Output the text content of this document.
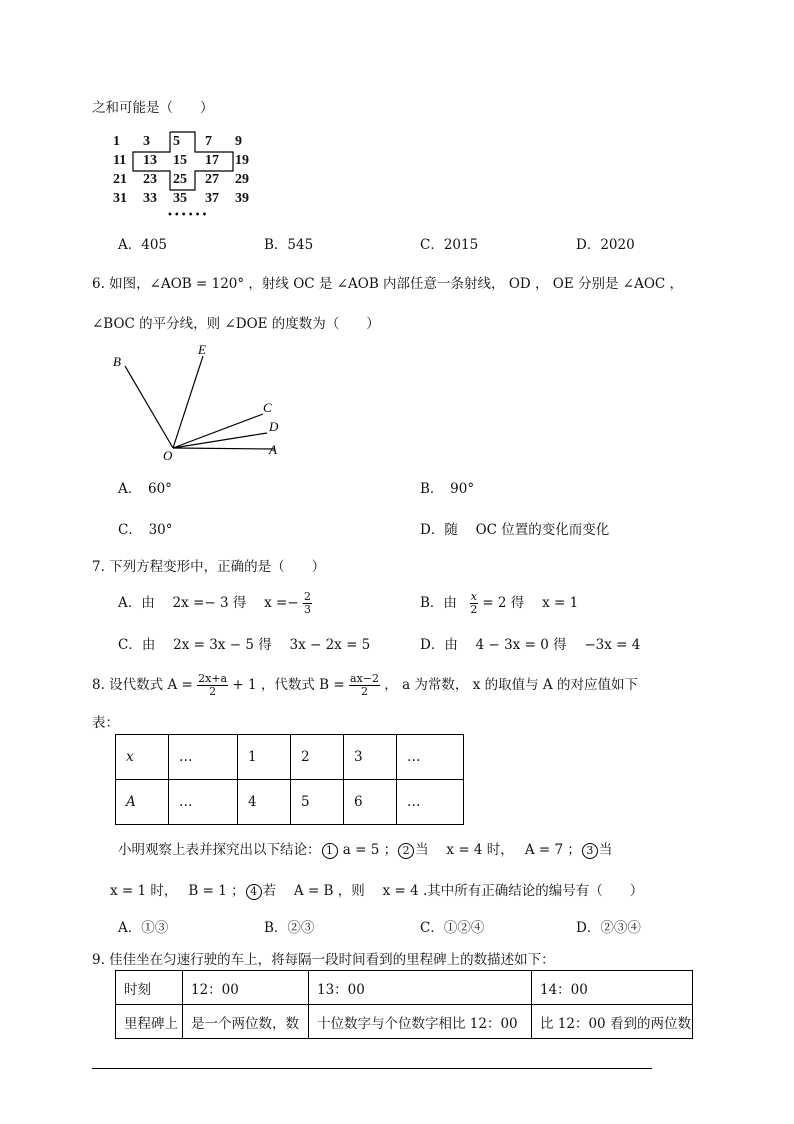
之和可能是（　　）
1 3 5 7 9
11 13 15 17 19
21 23 25 27 29
31 33 35 37 39
••••••
A．405	B．545	C．2015	D．2020
6. 如图，∠AOB = 120° ，射线 OC 是 ∠AOB 内部任意一条射线， OD ， OE 分别是 ∠AOC ，
∠BOC 的平分线，则 ∠DOE 的度数为（　　）
B
E
C
D
A
O
A．　60°	B．　90°
C．　30°	D．随　 OC 位置的变化而变化
7. 下列方程变形中，正确的是（　　）
A．由　 2x =− 3 得　 $x =- \frac{2}{3}$	B．由 $\frac{x}{2} = 2$ 得　 x = 1
C．由　 2x = 3x − 5 得　 3x − 2x = 5	D．由　 4 − 3x = 0 得　 −3x = 4
8. 设代数式 $A = \frac{2x+a}{2} + 1$ ，代数式 $B = \frac{ax-2}{2}$ ， a 为常数， x 的取值与 A 的对应值如下
表：
x	…	1	2	3	…
A	…	4	5	6	…
小明观察上表并探究出以下结论： 1 a = 5 ； 2 当　 x = 4 时，　 A = 7 ； 3 当
x = 1 时，　 B = 1 ； 4 若　 A = B ，则　 x = 4 .其中所有正确结论的编号有（　　）
A．①③	B．②③	C．①②④	D．②③④
9. 佳佳坐在匀速行驶的车上，将每隔一段时间看到的里程碑上的数描述如下：
时刻	12：00	13：00	14：00
里程碑上	是一个两位数，数	十位数字与个位数字相比 12：00	比 12：00 看到的两位数
